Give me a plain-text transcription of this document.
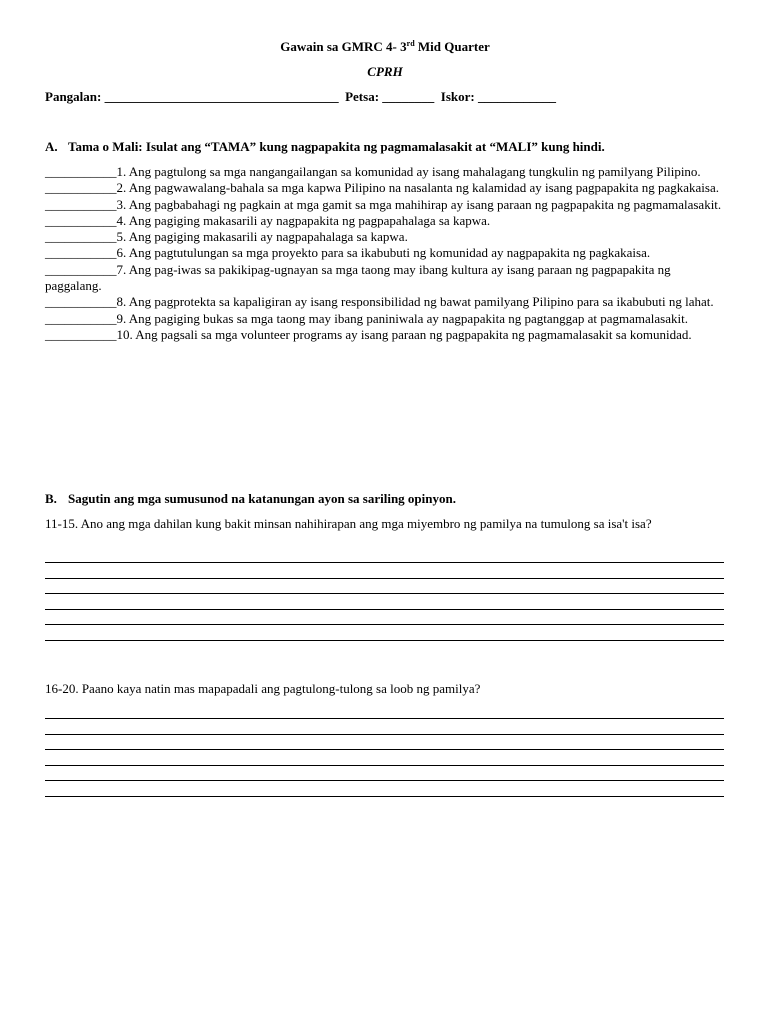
Gawain sa GMRC 4- 3rd Mid Quarter
CPRH
Pangalan: ____________________________________  Petsa: ________  Iskor: ____________
A. Tama o Mali: Isulat ang “TAMA” kung nagpapakita ng pagmamalasakit at “MALI” kung hindi.

___________1. Ang pagtulong sa mga nangangailangan sa komunidad ay isang mahalagang tungkulin ng pamilyang Pilipino.

___________2. Ang pagwawalang-bahala sa mga kapwa Pilipino na nasalanta ng kalamidad ay isang pagpapakita ng pagkakaisa.

___________3. Ang pagbabahagi ng pagkain at mga gamit sa mga mahihirap ay isang paraan ng pagpapakita ng pagmamalasakit.

___________4. Ang pagiging makasarili ay nagpapakita ng pagpapahalaga sa kapwa.

___________5. Ang pagiging makasarili ay nagpapahalaga sa kapwa.

___________6. Ang pagtutulungan sa mga proyekto para sa ikabubuti ng komunidad ay nagpapakita ng pagkakaisa.

___________7. Ang pag-iwas sa pakikipag-ugnayan sa mga taong may ibang kultura ay isang paraan ng pagpapakita ng paggalang.

___________8. Ang pagprotekta sa kapaligiran ay isang responsibilidad ng bawat pamilyang Pilipino para sa ikabubuti ng lahat.

___________9. Ang pagiging bukas sa mga taong may ibang paniniwala ay nagpapakita ng pagtanggap at pagmamalasakit.

___________10. Ang pagsali sa mga volunteer programs ay isang paraan ng pagpapakita ng pagmamalasakit sa komunidad.

B. Sagutin ang mga sumusunod na katanungan ayon sa sariling opinyon.
11-15. Ano ang mga dahilan kung bakit minsan nahihirapan ang mga miyembro ng pamilya na tumulong sa isa't isa?
16-20. Paano kaya natin mas mapapadali ang pagtulong-tulong sa loob ng pamilya?
